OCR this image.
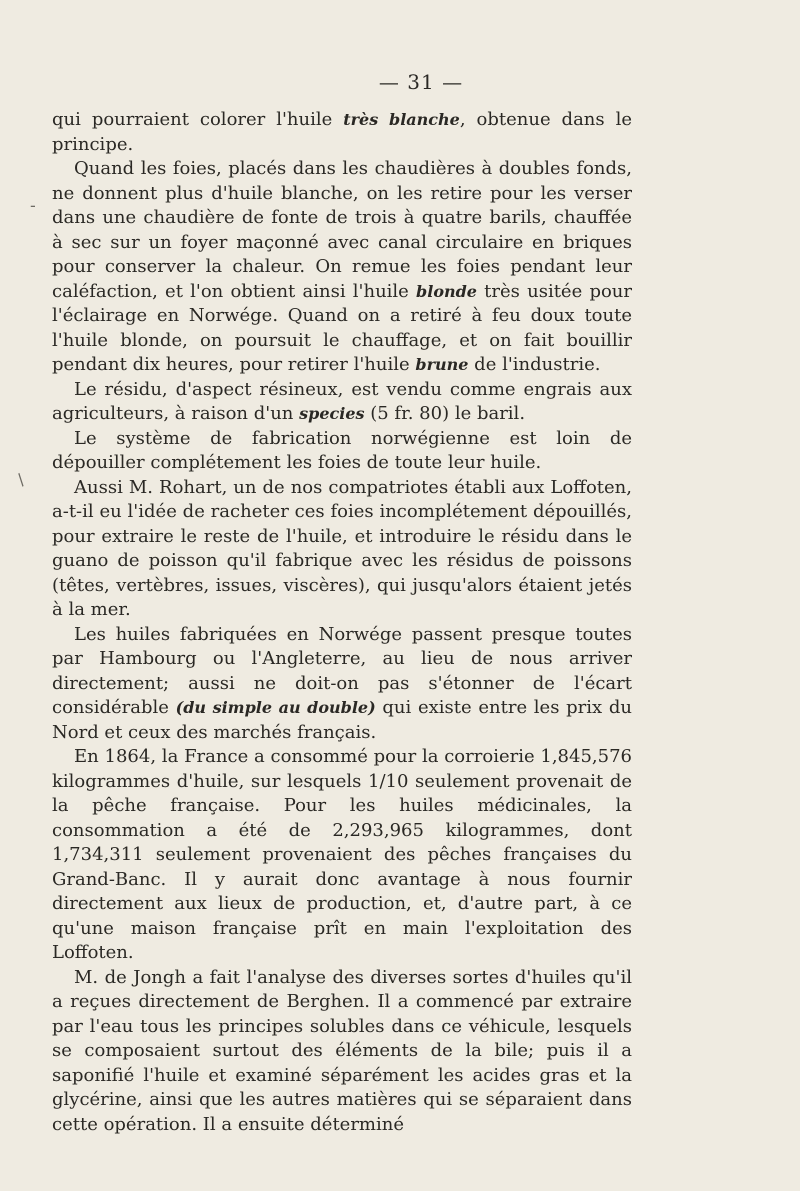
-
/
— 31 —

qui pourraient colorer l'huile très blanche, obtenue dans le principe.

Quand les foies, placés dans les chaudières à doubles fonds, ne donnent plus d'huile blanche, on les retire pour les verser dans une chaudière de fonte de trois à quatre barils, chauffée à sec sur un foyer maçonné avec canal circulaire en briques pour conserver la chaleur. On remue les foies pendant leur caléfaction, et l'on obtient ainsi l'huile blonde très usitée pour l'éclairage en Norwége. Quand on a retiré à feu doux toute l'huile blonde, on poursuit le chauffage, et on fait bouillir pendant dix heures, pour retirer l'huile brune de l'industrie.

Le résidu, d'aspect résineux, est vendu comme engrais aux agriculteurs, à raison d'un species (5 fr. 80) le baril.

Le système de fabrication norwégienne est loin de dépouiller complétement les foies de toute leur huile.

Aussi M. Rohart, un de nos compatriotes établi aux Loffoten, a-t-il eu l'idée de racheter ces foies incomplétement dépouillés, pour extraire le reste de l'huile, et introduire le résidu dans le guano de poisson qu'il fabrique avec les résidus de poissons (têtes, vertèbres, issues, viscères), qui jusqu'alors étaient jetés à la mer.

Les huiles fabriquées en Norwége passent presque toutes par Hambourg ou l'Angleterre, au lieu de nous arriver directement; aussi ne doit-on pas s'étonner de l'écart considérable (du simple au double) qui existe entre les prix du Nord et ceux des marchés français.

En 1864, la France a consommé pour la corroierie 1,845,576 kilogrammes d'huile, sur lesquels 1/10 seulement provenait de la pêche française. Pour les huiles médicinales, la consommation a été de 2,293,965 kilogrammes, dont 1,734,311 seulement provenaient des pêches françaises du Grand-Banc. Il y aurait donc avantage à nous fournir directement aux lieux de production, et, d'autre part, à ce qu'une maison française prît en main l'exploitation des Loffoten.

M. de Jongh a fait l'analyse des diverses sortes d'huiles qu'il a reçues directement de Berghen. Il a commencé par extraire par l'eau tous les principes solubles dans ce véhicule, lesquels se composaient surtout des éléments de la bile; puis il a saponifié l'huile et examiné séparément les acides gras et la glycérine, ainsi que les autres matières qui se séparaient dans cette opération. Il a ensuite déterminé
